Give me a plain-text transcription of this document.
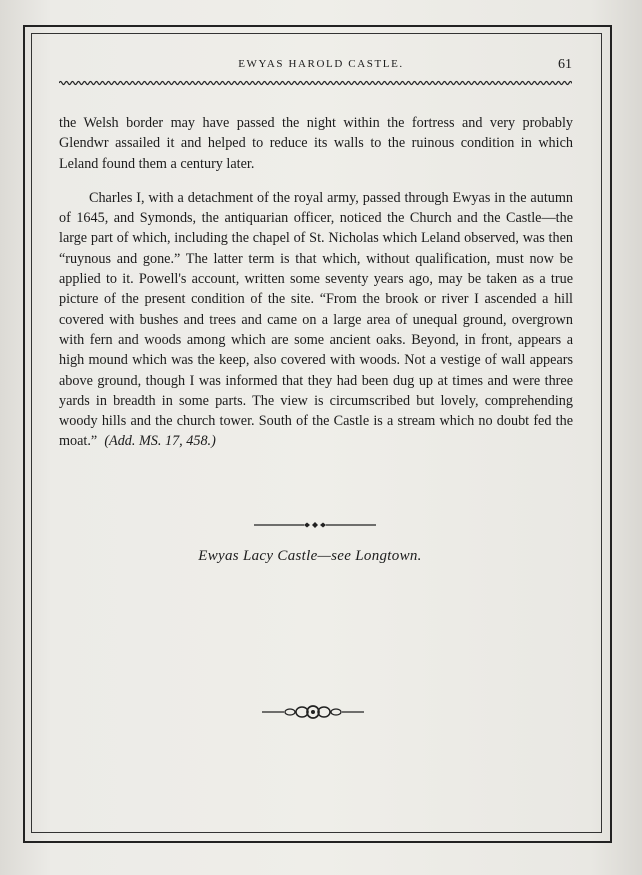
EWYAS HAROLD CASTLE.	61

the Welsh border may have passed the night within the fortress and very probably Glendwr assailed it and helped to reduce its walls to the ruinous condition in which Leland found them a century later.

Charles I, with a detachment of the royal army, passed through Ewyas in the autumn of 1645, and Symonds, the antiquarian officer, noticed the Church and the Castle—the large part of which, including the chapel of St. Nicholas which Leland observed, was then “ruynous and gone.” The latter term is that which, without qualification, must now be applied to it. Powell's account, written some seventy years ago, may be taken as a true picture of the present condition of the site. “From the brook or river I ascended a hill covered with bushes and trees and came on a large area of unequal ground, overgrown with fern and woods among which are some ancient oaks. Beyond, in front, appears a high mound which was the keep, also covered with woods. Not a vestige of wall appears above ground, though I was informed that they had been dug up at times and were three yards in breadth in some parts. The view is circumscribed but lovely, comprehending woody hills and the church tower. South of the Castle is a stream which no doubt fed the moat.” (Add. MS. 17, 458.)

Ewyas Lacy Castle—see Longtown.
